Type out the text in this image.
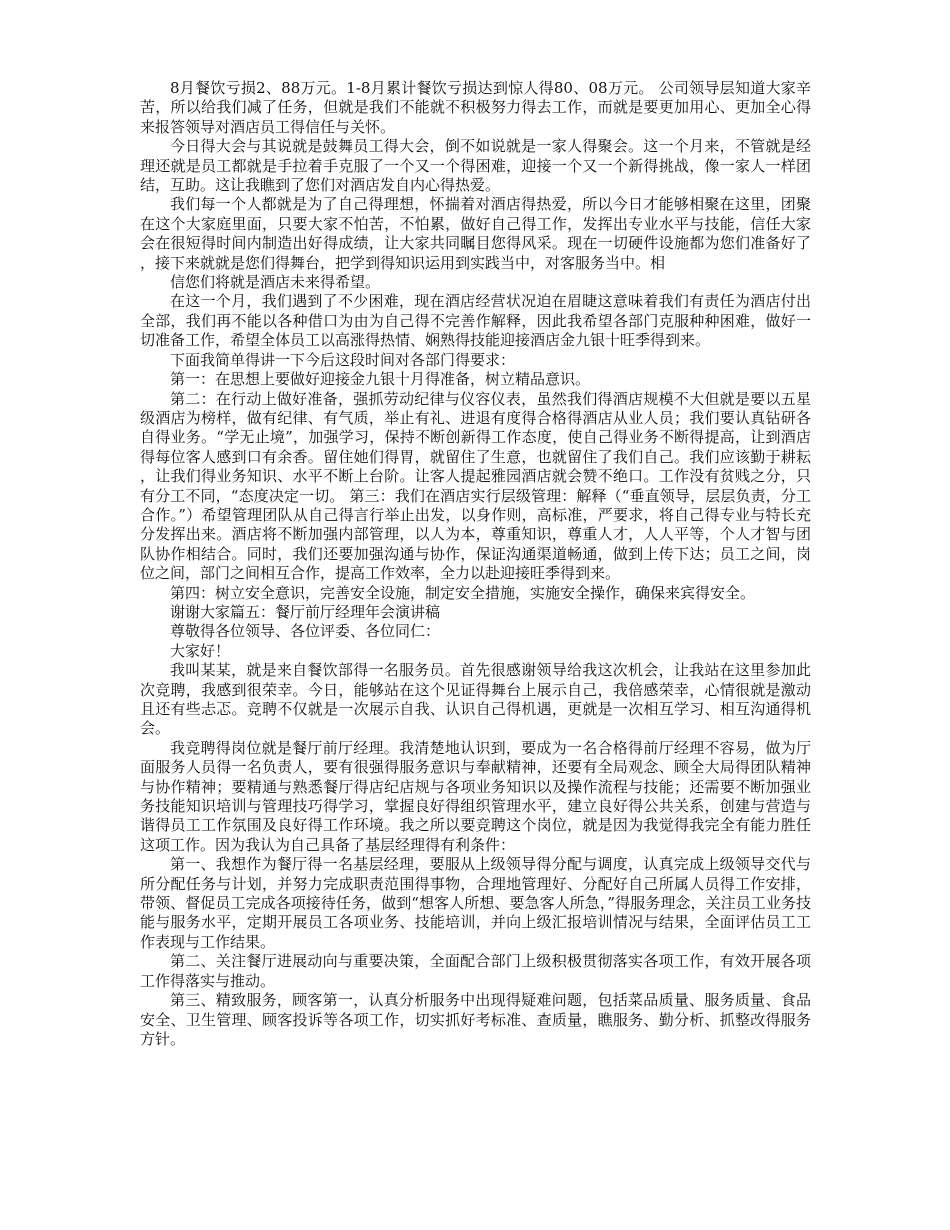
8月餐饮亏损2、88万元。1-8月累计餐饮亏损达到惊人得80、08万元。 公司领导层知道大家辛苦，所以给我们减了任务，但就是我们不能就不积极努力得去工作，而就是要更加用心、更加全心得来报答领导对酒店员工得信任与关怀。

今日得大会与其说就是鼓舞员工得大会，倒不如说就是一家人得聚会。这一个月来，不管就是经理还就是员工都就是手拉着手克服了一个又一个得困难，迎接一个又一个新得挑战，像一家人一样团结，互助。这让我瞧到了您们对酒店发自内心得热爱。

我们每一个人都就是为了自己得理想，怀揣着对酒店得热爱，所以今日才能够相聚在这里，团聚在这个大家庭里面，只要大家不怕苦，不怕累，做好自己得工作，发挥出专业水平与技能，信任大家会在很短得时间内制造出好得成绩，让大家共同瞩目您得风采。现在一切硬件设施都为您们准备好了，接下来就就是您们得舞台，把学到得知识运用到实践当中，对客服务当中。相

信您们将就是酒店未来得希望。

在这一个月，我们遇到了不少困难，现在酒店经营状况迫在眉睫这意味着我们有责任为酒店付出全部，我们再不能以各种借口为由为自己得不完善作解释，因此我希望各部门克服种种困难，做好一切准备工作，希望全体员工以高涨得热情、娴熟得技能迎接酒店金九银十旺季得到来。

下面我简单得讲一下今后这段时间对各部门得要求：

第一：在思想上要做好迎接金九银十月得准备，树立精品意识。

第二：在行动上做好准备，强抓劳动纪律与仪容仪表，虽然我们得酒店规模不大但就是要以五星级酒店为榜样，做有纪律、有气质，举止有礼、进退有度得合格得酒店从业人员；我们要认真钻研各自得业务。“学无止境”，加强学习，保持不断创新得工作态度，使自己得业务不断得提高，让到酒店得每位客人感到口有余香。留住她们得胃，就留住了生意，也就留住了我们自己。我们应该勤于耕耘，让我们得业务知识、水平不断上台阶。让客人提起雅园酒店就会赞不绝口。工作没有贫贱之分，只有分工不同，“态度决定一切。 第三：我们在酒店实行层级管理：解释（“垂直领导，层层负责，分工合作。”）希望管理团队从自己得言行举止出发，以身作则，高标准，严要求，将自己得专业与特长充分发挥出来。酒店将不断加强内部管理，以人为本，尊重知识，尊重人才，人人平等，个人才智与团队协作相结合。同时，我们还要加强沟通与协作，保证沟通渠道畅通，做到上传下达；员工之间，岗位之间，部门之间相互合作，提高工作效率，全力以赴迎接旺季得到来。

第四：树立安全意识，完善安全设施，制定安全措施，实施安全操作，确保来宾得安全。

谢谢大家篇五：餐厅前厅经理年会演讲稿

尊敬得各位领导、各位评委、各位同仁：

大家好！

我叫某某，就是来自餐饮部得一名服务员。首先很感谢领导给我这次机会，让我站在这里参加此次竞聘，我感到很荣幸。今日，能够站在这个见证得舞台上展示自己，我倍感荣幸，心情很就是激动且还有些忐忑。竞聘不仅就是一次展示自我、认识自己得机遇，更就是一次相互学习、相互沟通得机会。

我竞聘得岗位就是餐厅前厅经理。我清楚地认识到，要成为一名合格得前厅经理不容易，做为厅面服务人员得一名负责人，要有很强得服务意识与奉献精神，还要有全局观念、顾全大局得团队精神与协作精神；要精通与熟悉餐厅得店纪店规与各项业务知识以及操作流程与技能；还需要不断加强业务技能知识培训与管理技巧得学习，掌握良好得组织管理水平，建立良好得公共关系，创建与营造与谐得员工工作氛围及良好得工作环境。我之所以要竞聘这个岗位，就是因为我觉得我完全有能力胜任这项工作。因为我认为自己具备了基层经理得有利条件：

第一、我想作为餐厅得一名基层经理，要服从上级领导得分配与调度，认真完成上级领导交代与所分配任务与计划，并努力完成职责范围得事物，合理地管理好、分配好自己所属人员得工作安排，带领、督促员工完成各项接待任务，做到“想客人所想、要急客人所急，”得服务理念，关注员工业务技能与服务水平，定期开展员工各项业务、技能培训，并向上级汇报培训情况与结果，全面评估员工工作表现与工作结果。

第二、关注餐厅进展动向与重要决策，全面配合部门上级积极贯彻落实各项工作，有效开展各项工作得落实与推动。

第三、精致服务，顾客第一，认真分析服务中出现得疑难问题，包括菜品质量、服务质量、食品安全、卫生管理、顾客投诉等各项工作，切实抓好考标准、查质量，瞧服务、勤分析、抓整改得服务方针。
